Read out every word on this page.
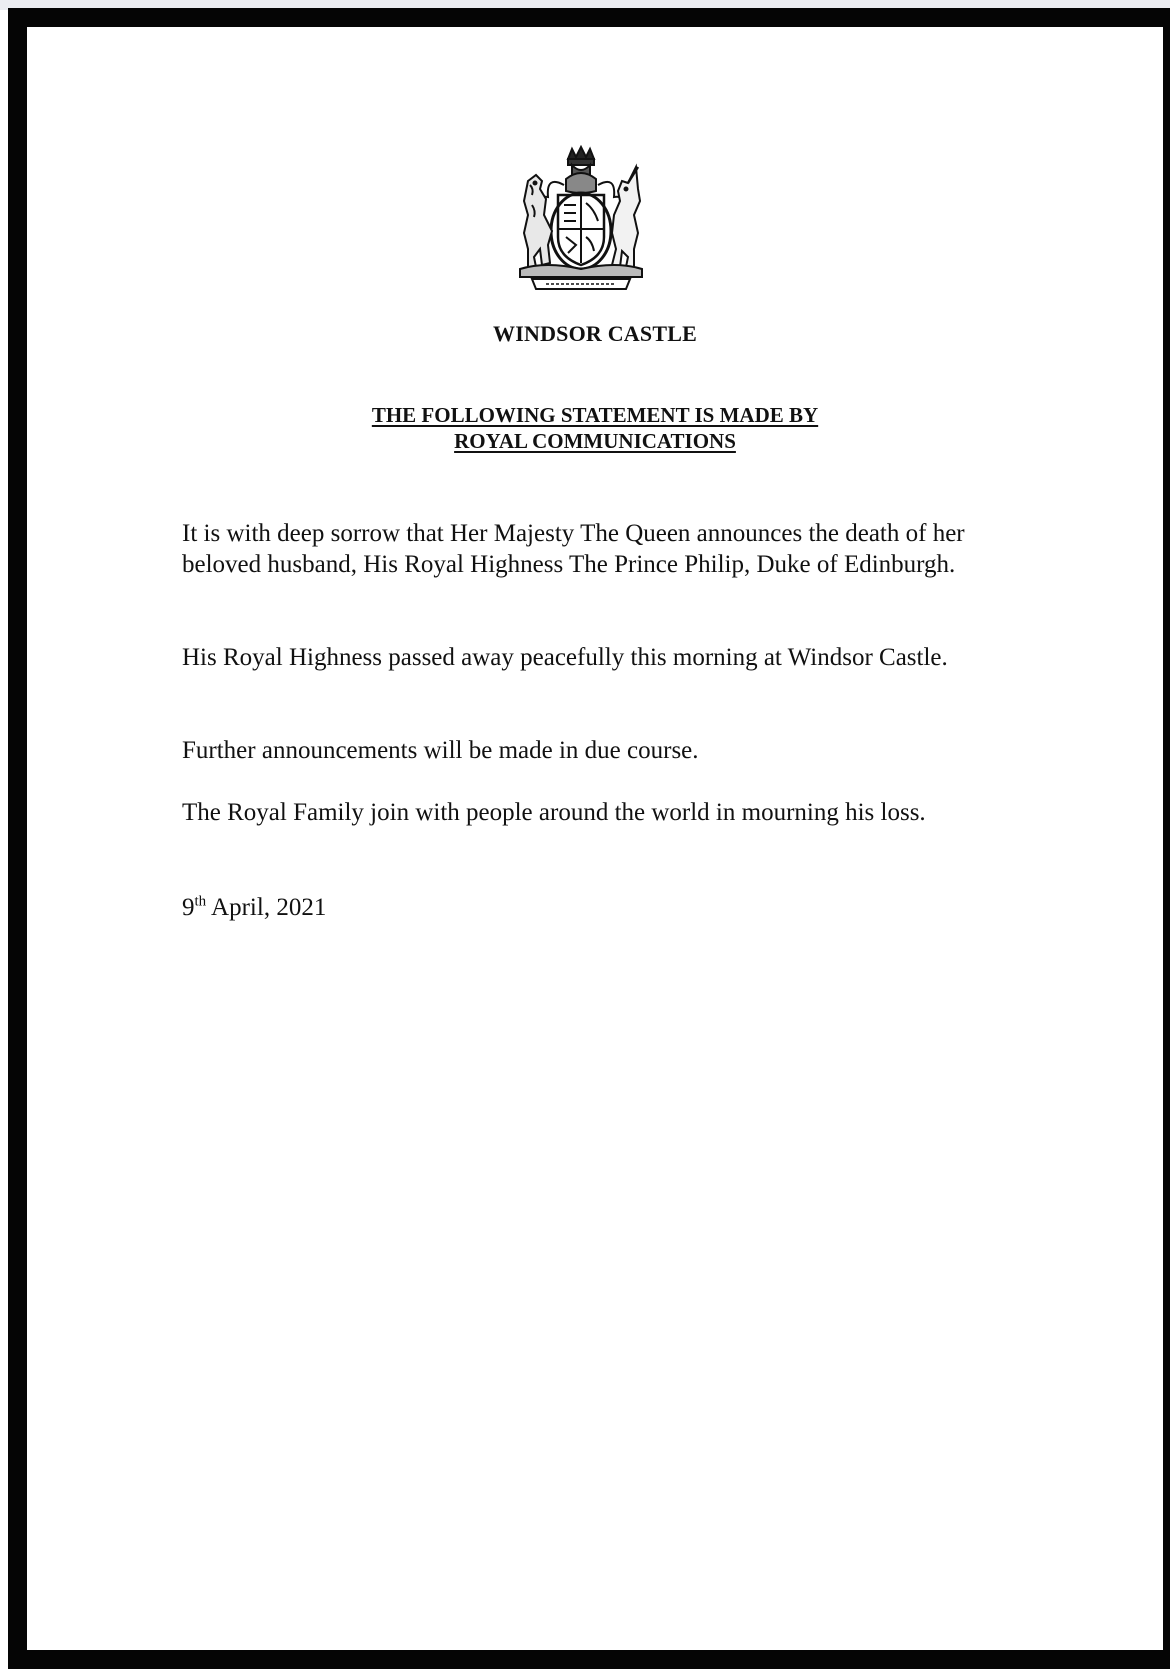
WINDSOR CASTLE
THE FOLLOWING STATEMENT IS MADE BY
ROYAL COMMUNICATIONS
It is with deep sorrow that Her Majesty The Queen announces the death of her beloved husband, His Royal Highness The Prince Philip, Duke of Edinburgh.
His Royal Highness passed away peacefully this morning at Windsor Castle.
Further announcements will be made in due course.
The Royal Family join with people around the world in mourning his loss.
9th April, 2021
